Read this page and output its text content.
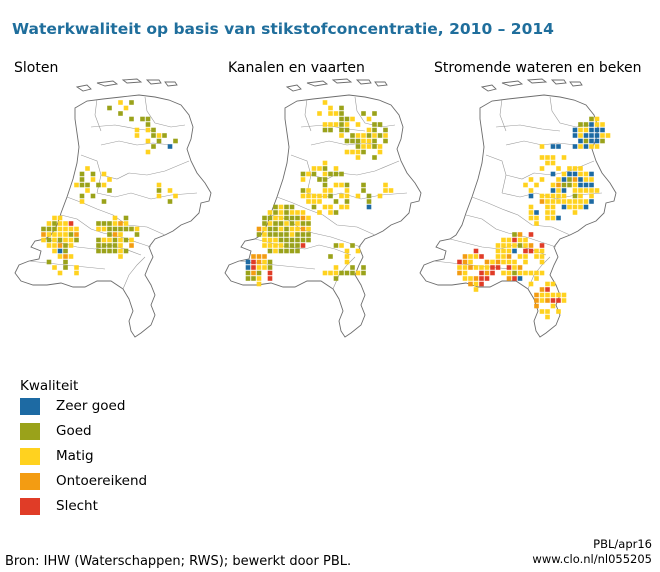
Waterkwaliteit op basis van stikstofconcentratie, 2010 – 2014
Sloten	Kanalen en vaarten	Stromende wateren en beken
Kwaliteit
Zeer goed
Goed
Matig
Ontoereikend
Slecht
Bron: IHW (Waterschappen; RWS); bewerkt door PBL.
PBL/apr16
www.clo.nl/nl055205
